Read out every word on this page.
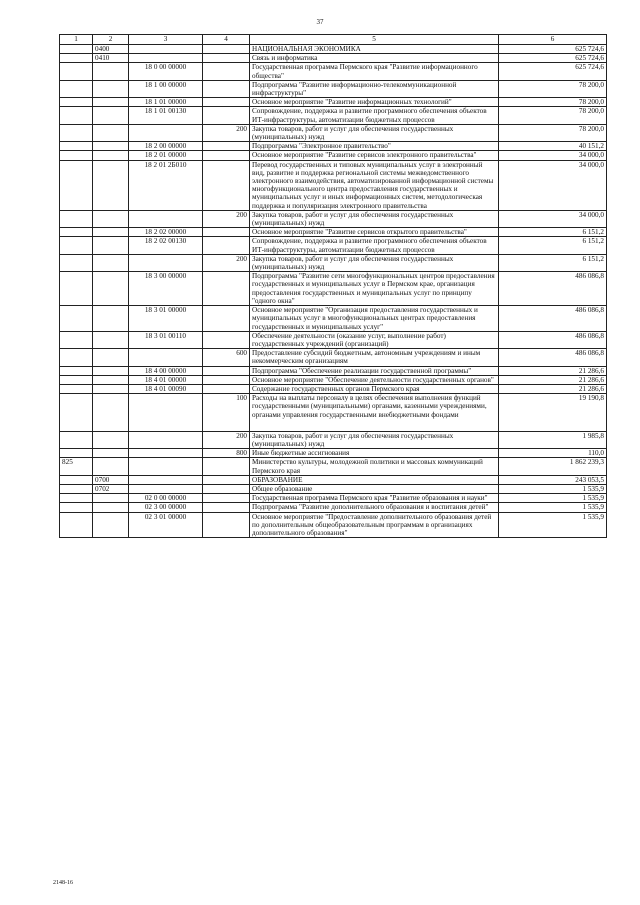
37
1	2	3	4	5	6
	0400			НАЦИОНАЛЬНАЯ ЭКОНОМИКА	625 724,6
	0410			Связь и информатика	625 724,6
		18 0 00 00000		Государственная программа Пермского края "Развитие информационного общества"	625 724,6
		18 1 00 00000		Подпрограмма "Развитие информационно-телекоммуникационной инфраструктуры"	78 200,0
		18 1 01 00000		Основное мероприятие "Развитие информационных технологий"	78 200,0
		18 1 01 00130		Сопровождение, поддержка и развитие программного обеспечения объектов ИТ-инфраструктуры, автоматизации бюджетных процессов	78 200,0
			200	Закупка товаров, работ и услуг для обеспечения государственных (муниципальных) нужд	78 200,0
		18 2 00 00000		Подпрограмма "Электронное правительство"	40 151,2
		18 2 01 00000		Основное мероприятие "Развитие сервисов электронного правительства"	34 000,0
		18 2 01 2Б010		Перевод государственных и типовых муниципальных услуг в электронный вид, развитие и поддержка региональной системы межведомственного электронного взаимодействия, автоматизированной информационной системы многофункционального центра предоставления государственных и муниципальных услуг и иных информационных систем, методологическая поддержка и популяризация электронного правительства	34 000,0
			200	Закупка товаров, работ и услуг для обеспечения государственных (муниципальных) нужд	34 000,0
		18 2 02 00000		Основное мероприятие "Развитие сервисов открытого правительства"	6 151,2
		18 2 02 00130		Сопровождение, поддержка и развитие программного обеспечения объектов ИТ-инфраструктуры, автоматизации бюджетных процессов	6 151,2
			200	Закупка товаров, работ и услуг для обеспечения государственных (муниципальных) нужд	6 151,2
		18 3 00 00000		Подпрограмма "Развитие сети многофункциональных центров предоставления государственных и муниципальных услуг в Пермском крае, организация предоставления государственных и муниципальных услуг по принципу "одного окна"	486 086,8
		18 3 01 00000		Основное мероприятие "Организация предоставления государственных и муниципальных услуг в многофункциональных центрах предоставления государственных и муниципальных услуг"	486 086,8
		18 3 01 00110		Обеспечение деятельности (оказание услуг, выполнение работ) государственных учреждений (организаций)	486 086,8
			600	Предоставление субсидий бюджетным, автономным учреждениям и иным некоммерческим организациям	486 086,8
		18 4 00 00000		Подпрограмма "Обеспечение реализации государственной программы"	21 286,6
		18 4 01 00000		Основное мероприятие "Обеспечение деятельности государственных органов"	21 286,6
		18 4 01 00090		Содержание государственных органов Пермского края	21 286,6
			100	Расходы на выплаты персоналу в целях обеспечения выполнения функций государственными (муниципальными) органами, казенными учреждениями, органами управления государственными внебюджетными фондами	19 190,8
			200	Закупка товаров, работ и услуг для обеспечения государственных (муниципальных) нужд	1 985,8
			800	Иные бюджетные ассигнования	110,0
825				Министерство культуры, молодежной политики и массовых коммуникаций Пермского края	1 862 239,3
	0700			ОБРАЗОВАНИЕ	243 053,5
	0702			Общее образование	1 535,9
		02 0 00 00000		Государственная программа Пермского края "Развитие образования и науки"	1 535,9
		02 3 00 00000		Подпрограмма "Развитие дополнительного образования и воспитания детей"	1 535,9
		02 3 01 00000		Основное мероприятие "Предоставление дополнительного образования детей по дополнительным общеобразовательным программам в организациях дополнительного образования"	1 535,9
2148-16
